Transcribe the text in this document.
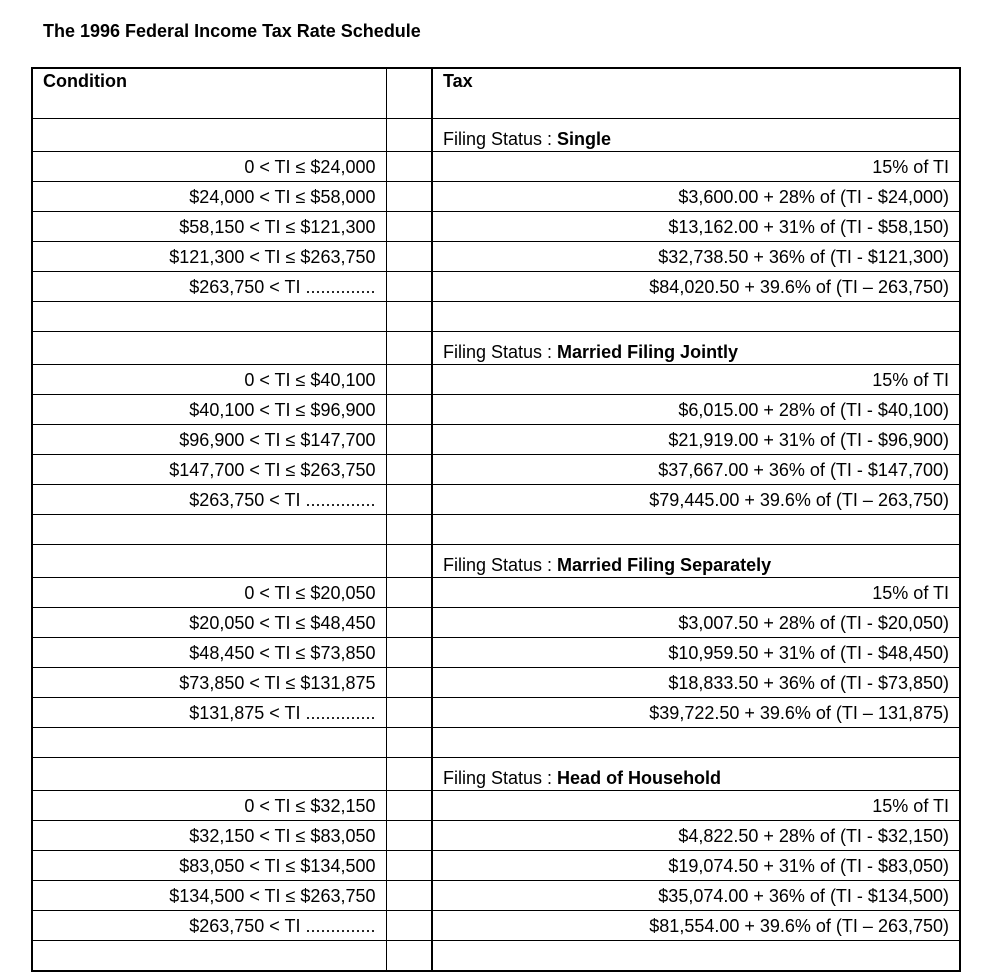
The 1996 Federal Income Tax Rate Schedule
Condition		Tax
		Filing Status : Single
0 < TI ≤ $24,000		15% of TI
$24,000 < TI ≤ $58,000		$3,600.00 + 28% of (TI - $24,000)
$58,150 < TI ≤ $121,300		$13,162.00 + 31% of (TI - $58,150)
$121,300 < TI ≤ $263,750		$32,738.50 + 36% of (TI - $121,300)
$263,750 < TI ..............		$84,020.50 + 39.6% of (TI – 263,750)

		Filing Status : Married Filing Jointly
0 < TI ≤ $40,100		15% of TI
$40,100 < TI ≤ $96,900		$6,015.00 + 28% of (TI - $40,100)
$96,900 < TI ≤ $147,700		$21,919.00 + 31% of (TI - $96,900)
$147,700 < TI ≤ $263,750		$37,667.00 + 36% of (TI - $147,700)
$263,750 < TI ..............		$79,445.00 + 39.6% of (TI – 263,750)

		Filing Status : Married Filing Separately
0 < TI ≤ $20,050		15% of TI
$20,050 < TI ≤ $48,450		$3,007.50 + 28% of (TI - $20,050)
$48,450 < TI ≤ $73,850		$10,959.50 + 31% of (TI - $48,450)
$73,850 < TI ≤ $131,875		$18,833.50 + 36% of (TI - $73,850)
$131,875 < TI ..............		$39,722.50 + 39.6% of (TI – 131,875)

		Filing Status : Head of Household
0 < TI ≤ $32,150		15% of TI
$32,150 < TI ≤ $83,050		$4,822.50 + 28% of (TI - $32,150)
$83,050 < TI ≤ $134,500		$19,074.50 + 31% of (TI - $83,050)
$134,500 < TI ≤ $263,750		$35,074.00 + 36% of (TI - $134,500)
$263,750 < TI ..............		$81,554.00 + 39.6% of (TI – 263,750)
